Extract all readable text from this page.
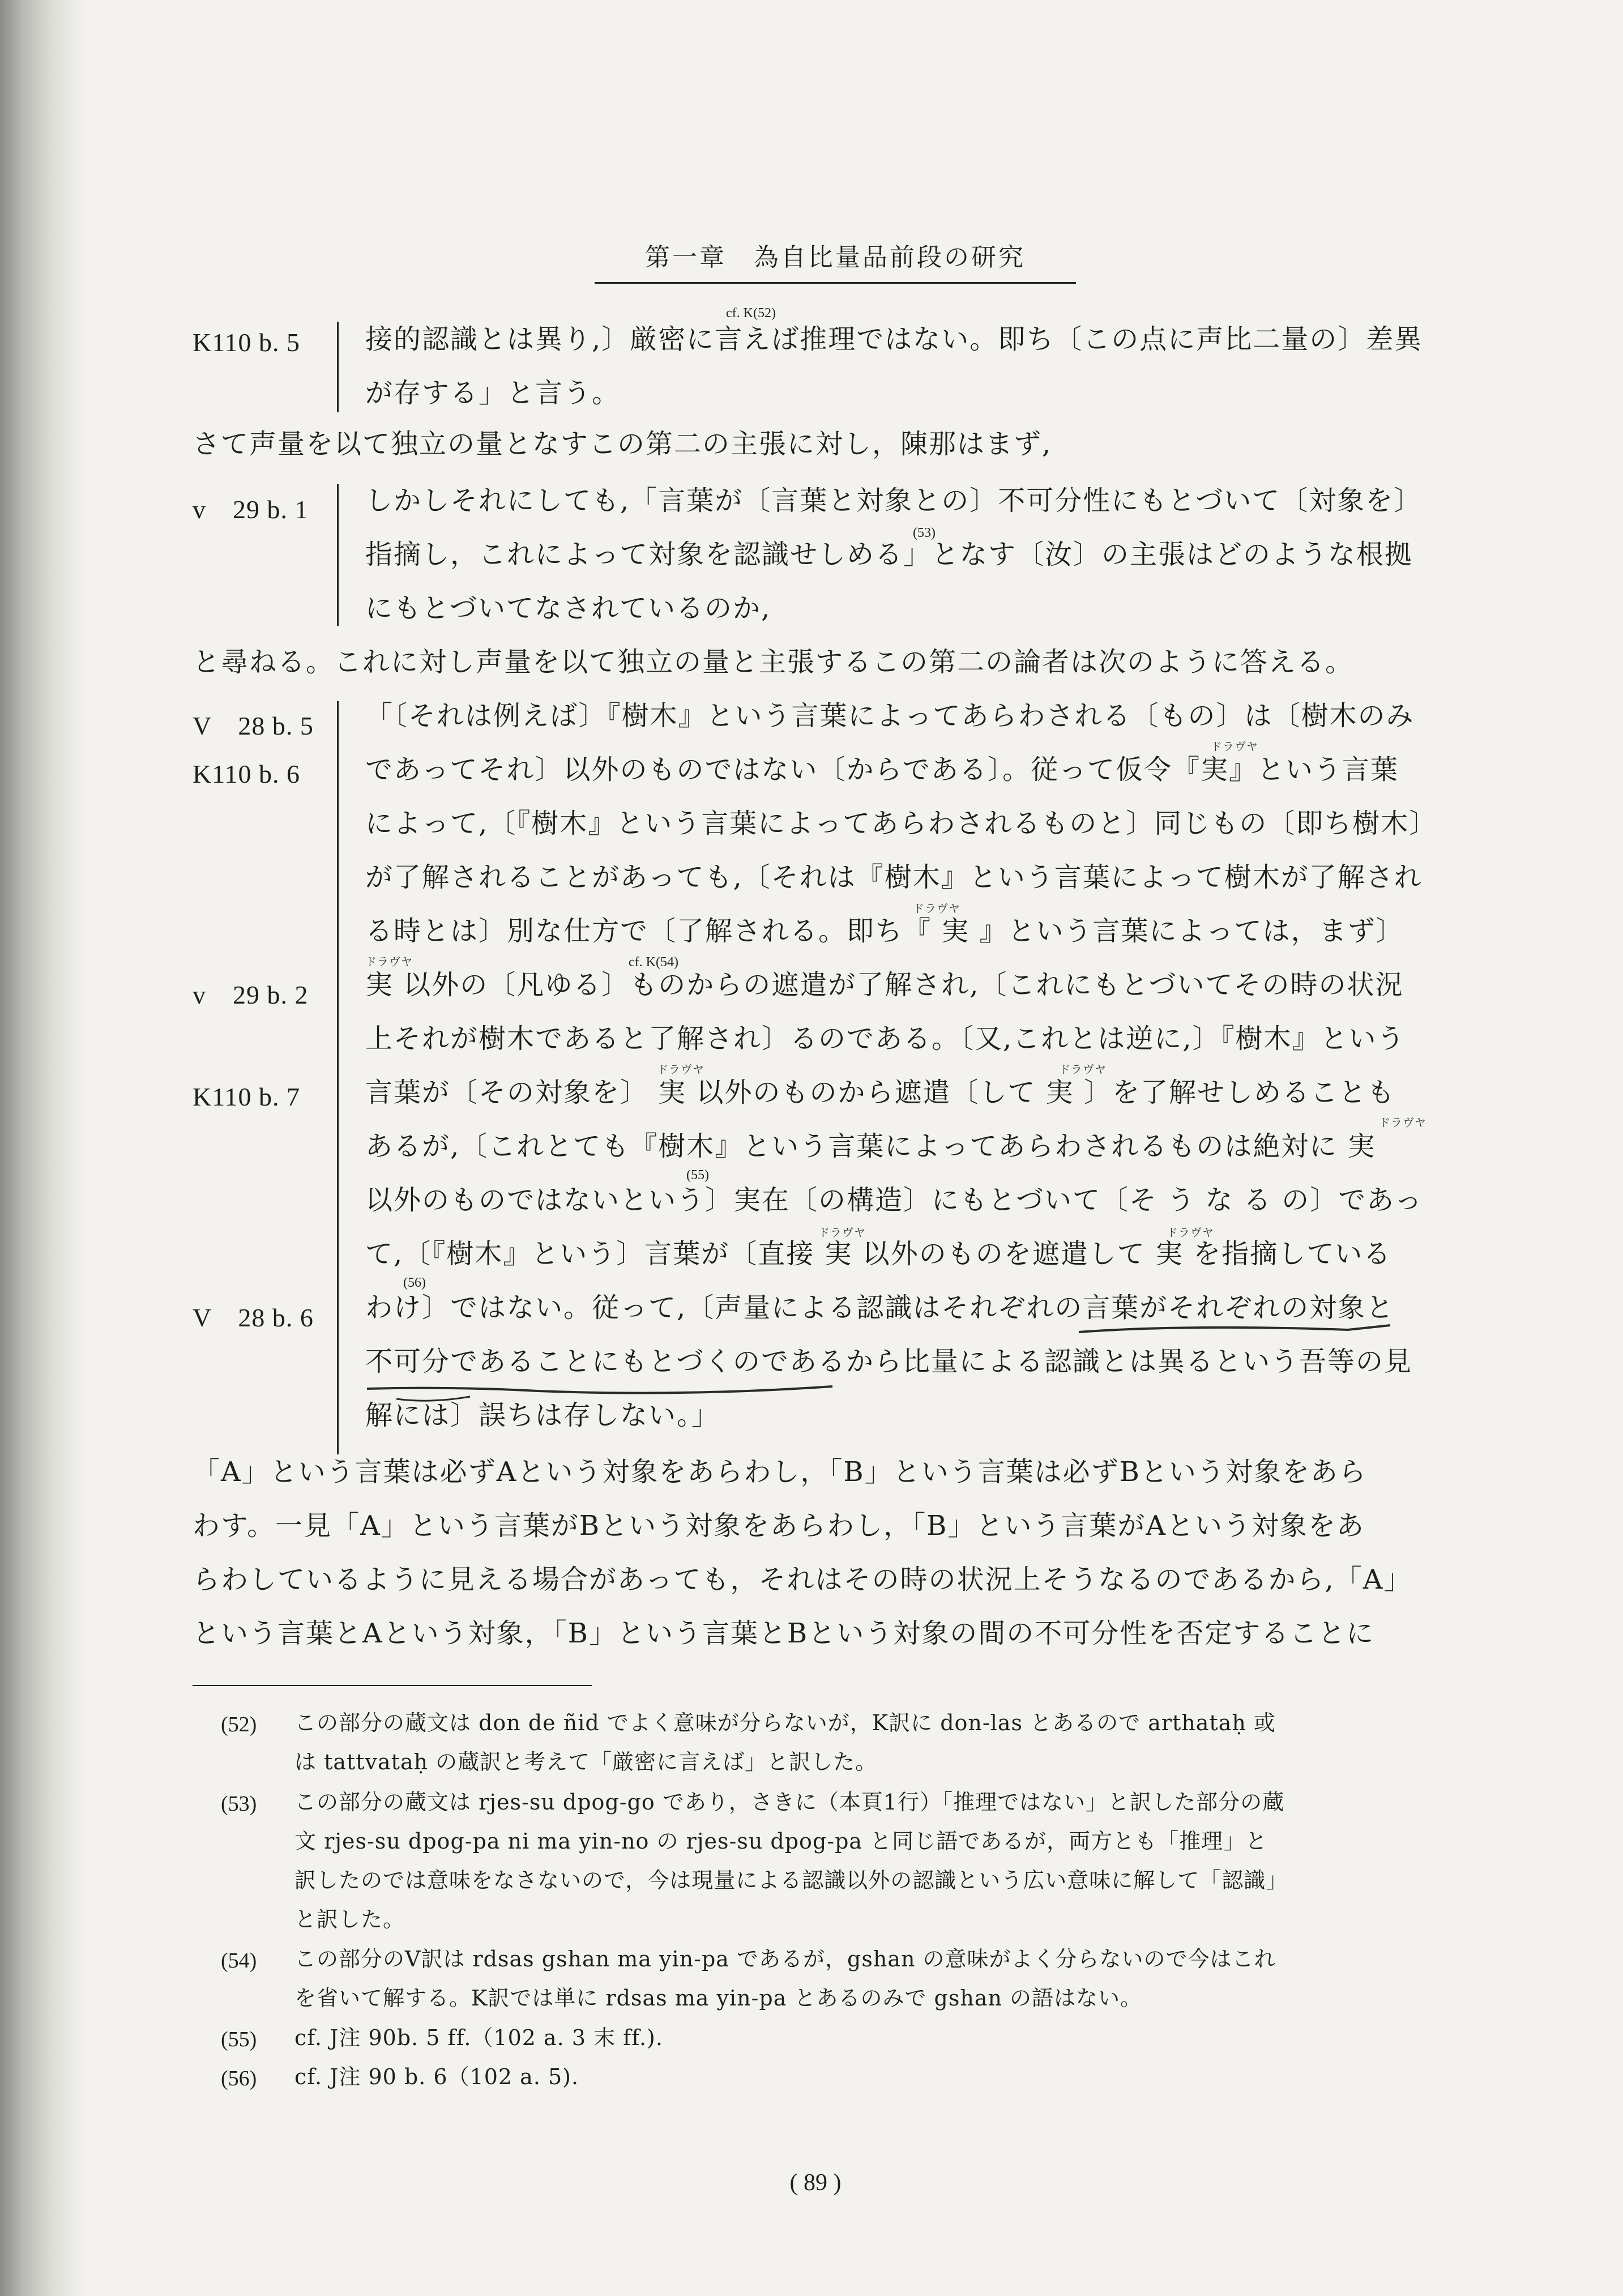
第一章　為自比量品前段の研究
K110 b. 5
cf. K(52)
接的認識とは異り,〕厳密に言えば推理ではない。即ち〔この点に声比二量の〕差異
が存する」と言う。
さて声量を以て独立の量となすこの第二の主張に対し，陳那はまず,
v　29 b. 1 しかしそれにしても,「言葉が〔言葉と対象との〕不可分性にもとづいて〔対象を〕
(53)
指摘し，これによって対象を認識せしめる」となす〔汝〕の主張はどのような根拠
にもとづいてなされているのか,
と尋ねる。これに対し声量を以て独立の量と主張するこの第二の論者は次のように答える。
V　28 b. 5
K110 b. 6
v　29 b. 2
K110 b. 7
V　28 b. 6
ドラヴヤ
ドラヴヤ
ドラヴヤ	cf. K(54)
ドラヴヤ	ドラヴヤ
ドラヴヤ
(55)
ドラヴヤ	ドラヴヤ
(56)
「〔それは例えば〕『樹木』という言葉によってあらわされる〔もの〕は〔樹木のみ
であってそれ〕以外のものではない〔からである〕。従って仮令『実』という言葉
によって,〔『樹木』という言葉によってあらわされるものと〕同じもの〔即ち樹木〕
が了解されることがあっても,〔それは『樹木』という言葉によって樹木が了解され
る時とは〕別な仕方で〔了解される。即ち『 実 』という言葉によっては，まず〕
実 以外の〔凡ゆる〕ものからの遮遣が了解され,〔これにもとづいてその時の状況
上それが樹木であると了解され〕るのである。〔又,これとは逆に,〕『樹木』という
言葉が〔その対象を〕 実 以外のものから遮遣〔して 実 〕を了解せしめることも
あるが,〔これとても『樹木』という言葉によってあらわされるものは絶対に 実
以外のものではないという〕実在〔の構造〕にもとづいて〔そ う な る の〕であっ
て,〔『樹木』という〕言葉が〔直接 実 以外のものを遮遣して 実 を指摘している
わけ〕ではない。従って,〔声量による認識はそれぞれの言葉がそれぞれの対象と
不可分であることにもとづくのであるから比量による認識とは異るという吾等の見
解には〕誤ちは存しない。」
「A」という言葉は必ずAという対象をあらわし，「B」という言葉は必ずBという対象をあら
わす。一見「A」という言葉がBという対象をあらわし，「B」という言葉がAという対象をあ
らわしているように見える場合があっても，それはその時の状況上そうなるのであるから,「A」
という言葉とAという対象，「B」という言葉とBという対象の間の不可分性を否定することに
(52) この部分の蔵文は don de ñid でよく意味が分らないが，K訳に don-las とあるので arthataḥ 或
は tattvataḥ の蔵訳と考えて「厳密に言えば」と訳した。
(53) この部分の蔵文は rjes-su dpog-go であり，さきに（本頁1行）「推理ではない」と訳した部分の蔵
文 rjes-su dpog-pa ni ma yin-no の rjes-su dpog-pa と同じ語であるが，両方とも「推理」と
訳したのでは意味をなさないので，今は現量による認識以外の認識という広い意味に解して「認識」
と訳した。
(54) この部分のV訳は rdsas gshan ma yin-pa であるが，gshan の意味がよく分らないので今はこれ
を省いて解する。K訳では単に rdsas ma yin-pa とあるのみで gshan の語はない。
(55) cf. J注 90b. 5 ff.（102 a. 3 末 ff.).
(56) cf. J注 90 b. 6（102 a. 5).
( 89 )
